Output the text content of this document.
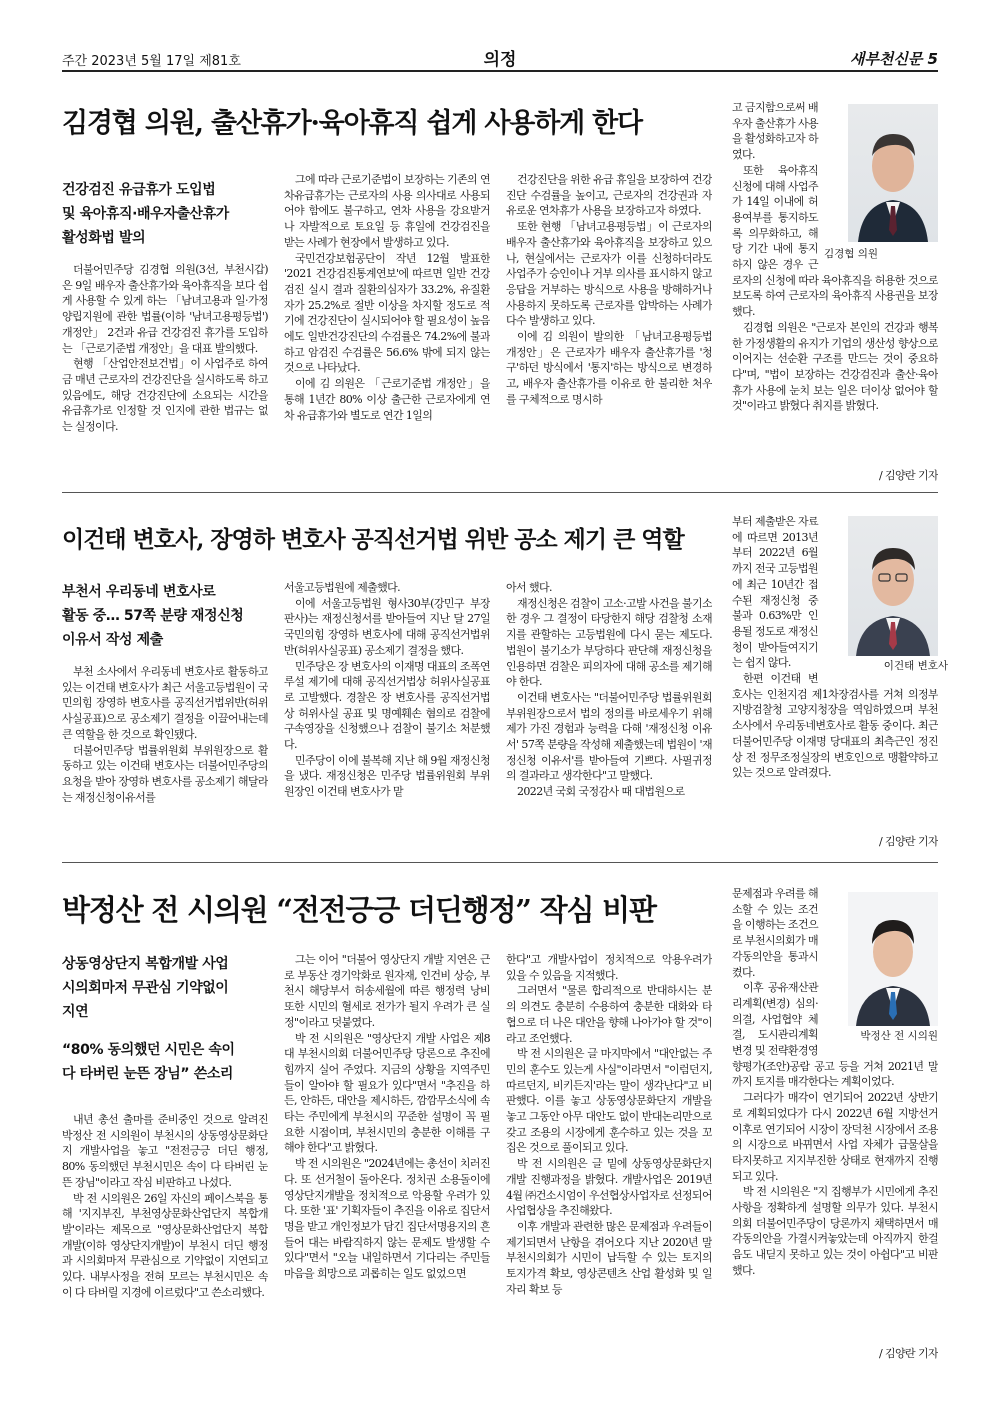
주간 2023년 5월 17일 제81호	의정	새부천신문 5
김경협 의원, 출산휴가·육아휴직 쉽게 사용하게 한다
건강검진 유급휴가 도입법
및 육아휴직·배우자출산휴가
활성화법 발의

더불어민주당 김경협 의원(3선, 부천시갑)은 9일 배우자 출산휴가와 육아휴직을 보다 쉽게 사용할 수 있게 하는 「남녀고용과 일·가정 양립지원에 관한 법률(이하 '남녀고용평등법') 개정안」 2건과 유급 건강검진 휴가를 도입하는 「근로기준법 개정안」을 대표 발의했다.

현행 「산업안전보건법」이 사업주로 하여금 매년 근로자의 건강진단을 실시하도록 하고 있음에도, 해당 건강진단에 소요되는 시간을 유급휴가로 인정할 것 인지에 관한 법규는 없는 실정이다.

그에 따라 근로기준법이 보장하는 기존의 연차유급휴가는 근로자의 사용 의사대로 사용되어야 함에도 불구하고, 연차 사용을 강요받거나 자발적으로 토요일 등 휴일에 건강검진을 받는 사례가 현장에서 발생하고 있다.

국민건강보험공단이 작년 12월 발표한 '2021 건강검진통계연보'에 따르면 일반 건강검진 실시 결과 질환의심자가 33.2%, 유질환자가 25.2%로 절반 이상을 차지할 정도로 적기에 건강진단이 실시되어야 할 필요성이 높음에도 일반건강진단의 수검률은 74.2%에 불과하고 암검진 수검률은 56.6% 밖에 되지 않는 것으로 나타났다.

이에 김 의원은 「근로기준법 개정안」을 통해 1년간 80% 이상 출근한 근로자에게 연차 유급휴가와 별도로 연간 1일의

건강진단을 위한 유급 휴일을 보장하여 건강진단 수검률을 높이고, 근로자의 건강권과 자유로운 연차휴가 사용을 보장하고자 하였다.

또한 현행 「남녀고용평등법」이 근로자의 배우자 출산휴가와 육아휴직을 보장하고 있으나, 현실에서는 근로자가 이를 신청하더라도 사업주가 승인이나 거부 의사를 표시하지 않고 응답을 거부하는 방식으로 사용을 방해하거나 사용하지 못하도록 근로자를 압박하는 사례가 다수 발생하고 있다.

이에 김 의원이 발의한 「남녀고용평등법 개정안」은 근로자가 배우자 출산휴가를 '청구'하던 방식에서 '통지'하는 방식으로 변경하고, 배우자 출산휴가를 이유로 한 불리한 처우를 구체적으로 명시하

고 금지함으로써 배우자 출산휴가 사용을 활성화하고자 하였다.

또한 육아휴직 신청에 대해 사업주가 14일 이내에 허용여부를 통지하도록 의무화하고, 해당 기간 내에 통지하지 않은 경우 근로자의 신청에 따라 육아휴직을 허용한 것으로 보도록 하여 근로자의 육아휴직 사용권을 보장했다.

김경협 의원은 "근로자 본인의 건강과 행복한 가정생활의 유지가 기업의 생산성 향상으로 이어지는 선순환 구조를 만드는 것이 중요하다"며, "법이 보장하는 건강검진과 출산·육아휴가 사용에 눈치 보는 일은 더이상 없어야 할 것"이라고 밝혔다 취지를 밝혔다.

김경협 의원

/ 김양란 기자

이건태 변호사, 장영하 변호사 공직선거법 위반 공소 제기 큰 역할
부천서 우리동네 변호사로
활동 중… 57쪽 분량 재정신청
이유서 작성 제출

부천 소사에서 우리동네 변호사로 활동하고 있는 이건태 변호사가 최근 서울고등법원이 국민의힘 장영하 변호사를 공직선거법위반(허위사실공표)으로 공소제기 결정을 이끌어내는데 큰 역할을 한 것으로 확인됐다.

더불어민주당 법률위원회 부위원장으로 활동하고 있는 이건태 변호사는 더불어민주당의 요청을 받아 장영하 변호사를 공소제기 해달라는 재정신청이유서를

서울고등법원에 제출했다.

이에 서울고등법원 형사30부(강민구 부장판사)는 재정신청서를 받아들여 지난 달 27일 국민의힘 장영하 변호사에 대해 공직선거법위반(허위사실공표) 공소제기 결정을 했다.

민주당은 장 변호사의 이재명 대표의 조폭연루설 제기에 대해 공직선거법상 허위사실공표로 고발했다. 경찰은 장 변호사를 공직선거법상 허위사실 공표 및 명예훼손 혐의로 검찰에 구속영장을 신청했으나 검찰이 불기소 처분했다.

민주당이 이에 불복해 지난 해 9월 재정신청을 냈다. 재정신청은 민주당 법률위원회 부위원장인 이건태 변호사가 맡

아서 했다.

재정신청은 검찰이 고소·고발 사건을 불기소한 경우 그 결정이 타당한지 해당 검찰청 소재지를 관할하는 고등법원에 다시 묻는 제도다. 법원이 불기소가 부당하다 판단해 재정신청을 인용하면 검찰은 피의자에 대해 공소를 제기해야 한다.

이건태 변호사는 "더불어민주당 법률위원회 부위원장으로서 법의 정의를 바로세우기 위해 제가 가진 경험과 능력을 다해 '재정신청 이유서' 57쪽 분량을 작성해 제출했는데 법원이 '재정신청 이유서'를 받아들여 기쁘다. 사필귀정의 결과라고 생각한다"고 말했다.

2022년 국회 국정감사 때 대법원으로

부터 제출받은 자료에 따르면 2013년부터 2022년 6월까지 전국 고등법원에 최근 10년간 접수된 재정신청 중 불과 0.63%만 인용될 정도로 재정신청이 받아들여지기는 쉽지 않다.

한편 이건태 변호사는 인천지검 제1차장검사를 거쳐 의정부지방검찰청 고양지청장을 역임하였으며 부천 소사에서 우리동네변호사로 활동 중이다. 최근 더불어민주당 이재명 당대표의 최측근인 정진상 전 정무조정실장의 변호인으로 맹활약하고 있는 것으로 알려졌다.

이건태 변호사

/ 김양란 기자

박정산 전 시의원 “전전긍긍 더딘행정” 작심 비판
상동영상단지 복합개발 사업
시의회마저 무관심 기약없이
지연
“80% 동의했던 시민은 속이
다 타버린 눈뜬 장님” 쓴소리

내년 총선 출마를 준비중인 것으로 알려진 박정산 전 시의원이 부천시의 상동영상문화단지 개발사업을 놓고 "전전긍긍 더딘 행정, 80% 동의했던 부천시민은 속이 다 타버린 눈뜬 장님"이라고 작심 비판하고 나섰다.

박 전 시의원은 26일 자신의 페이스북을 통해 '지지부진, 부천영상문화산업단지 복합개발'이라는 제목으로 "영상문화산업단지 복합개발(이하 영상단지개발)이 부천시 더딘 행정과 시의회마저 무관심으로 기약없이 지연되고 있다. 내부사정을 전혀 모르는 부천시민은 속이 다 타버릴 지경에 이르렀다"고 쓴소리했다.

그는 이어 "더불어 영상단지 개발 지연은 근로 부동산 경기악화로 원자재, 인건비 상승, 부천시 해당부서 허송세월에 따른 행정력 낭비 또한 시민의 혈세로 전가가 될지 우려가 큰 실정"이라고 덧붙였다.

박 전 시의원은 "영상단지 개발 사업은 제8대 부천시의회 더불어민주당 당론으로 추진에 힘까지 실어 주었다. 지금의 상황을 지역주민들이 알아야 할 필요가 있다"면서 "추진을 하든, 안하든, 대안을 제시하든, 깜깜무소식에 속 타는 주민에게 부천시의 꾸준한 설명이 꼭 필요한 시점이며, 부천시민의 충분한 이해를 구해야 한다"고 밝혔다.

박 전 시의원은 "2024년에는 총선이 치러진다. 또 선거철이 돌아온다. 정치권 소용돌이에 영상단지개발을 정치적으로 악용할 우려가 있다. 또한 '표' 기획자들이 추진을 이유로 집단서명을 받고 개인정보가 담긴 집단서명용지의 흔들어 대는 바람직하지 않는 문제도 발생할 수 있다"면서 "오늘 내일하면서 기다리는 주민들 마음을 희망으로 괴롭히는 일도 없었으면

한다"고 개발사업이 정치적으로 악용우려가 있을 수 있음을 지적했다.

그러면서 "물론 합리적으로 반대하시는 분의 의견도 충분히 수용하여 충분한 대화와 타협으로 더 나은 대안을 향해 나아가야 할 것"이라고 조언했다.

박 전 시의원은 글 마지막에서 "대안없는 주민의 훈수도 있는게 사실"이라면서 "이럼던지, 따르던지, 비키든지'라는 말이 생각난다"고 비판했다. 이를 놓고 상동영상문화단지 개발을 놓고 그동안 아무 대안도 없이 반대논리만으로 갖고 조용의 시장에게 훈수하고 있는 것을 꼬집은 것으로 풀이되고 있다.

박 전 시의원은 글 밑에 상동영상문화단지 개발 진행과정을 밝혔다. 개발사업은 2019년 4월 ㈜건소시엄이 우선협상사업자로 선정되어 사업협상을 추진해왔다.

이후 개발과 관련한 많은 문제점과 우려들이 제기되면서 난항을 겪어오다 지난 2020년 말 부천시의회가 시민이 납득할 수 있는 토지의 토지가격 확보, 영상콘텐츠 산업 활성화 및 일자리 확보 등

문제점과 우려를 해소할 수 있는 조건을 이행하는 조건으로 부천시의회가 매각동의안을 통과시켰다.

이후 공유재산관리계획(변경) 심의·의결, 사업협약 체결, 도시관리계획 변경 및 전략환경영향평가(조안)공람 공고 등을 거쳐 2021년 말까지 토지를 매각한다는 계획이었다.

그러다가 매각이 연기되어 2022년 상반기로 계획되었다가 다시 2022년 6월 지방선거 이후로 연기되어 시장이 장덕천 시장에서 조용의 시장으로 바뀌면서 사업 자체가 급물살을 타지못하고 지지부진한 상태로 현재까지 진행되고 있다.

박 전 시의원은 "지 집행부가 시민에게 추진사항을 정확하게 설명할 의무가 있다. 부천시의회 더불어민주당이 당론까지 채택하면서 매각동의안을 가결시켜놓았는데 아직까지 한걸음도 내딛지 못하고 있는 것이 아쉽다"고 비판했다.

박정산 전 시의원

/ 김양란 기자
